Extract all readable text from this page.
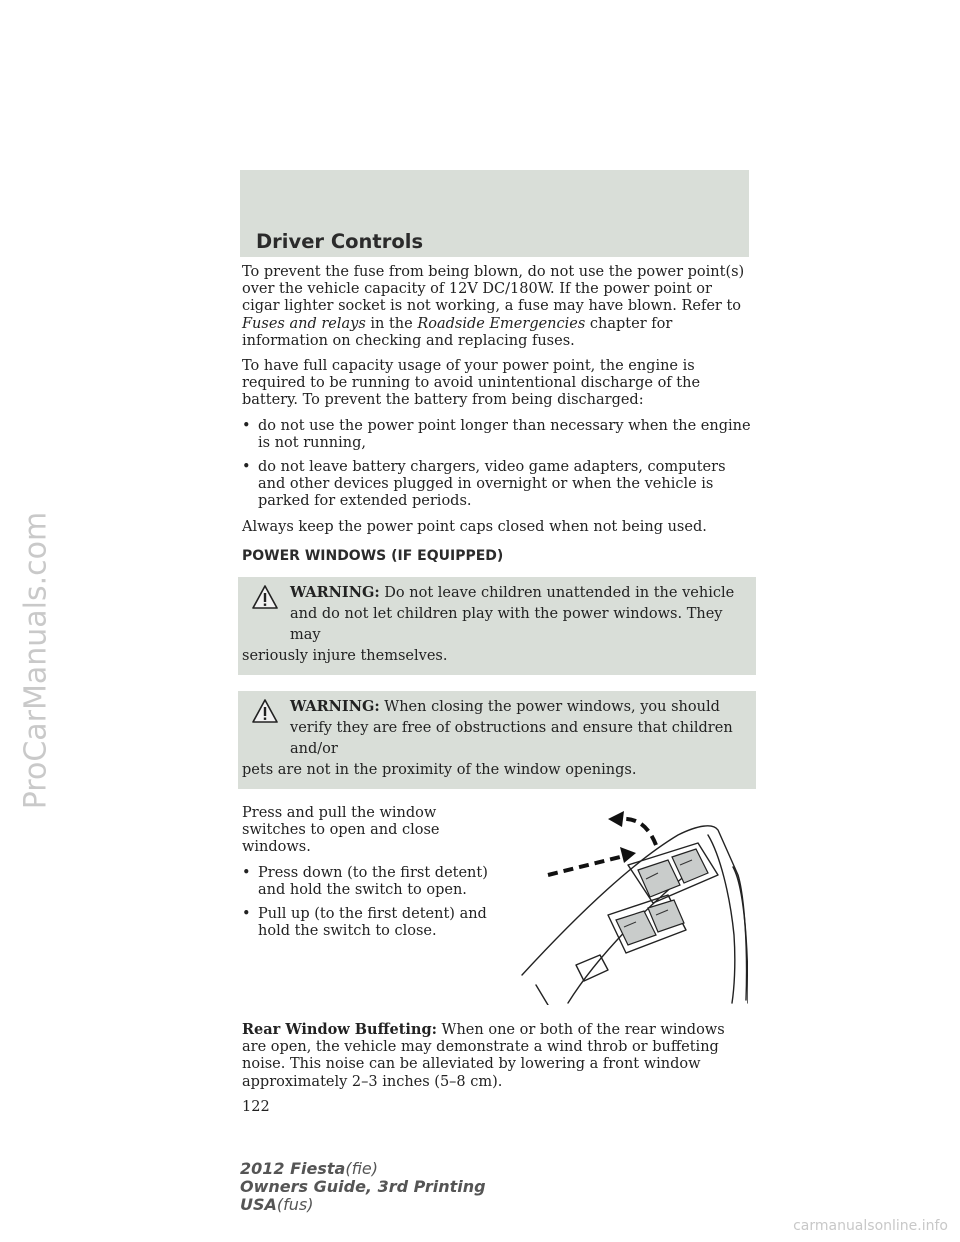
ProCarManuals.com
Driver Controls

To prevent the fuse from being blown, do not use the power point(s) over the vehicle capacity of 12V DC/180W. If the power point or cigar lighter socket is not working, a fuse may have blown. Refer to Fuses and relays in the Roadside Emergencies chapter for information on checking and replacing fuses.

To have full capacity usage of your power point, the engine is required to be running to avoid unintentional discharge of the battery. To prevent the battery from being discharged:

• do not use the power point longer than necessary when the engine is not running,
• do not leave battery chargers, video game adapters, computers and other devices plugged in overnight or when the vehicle is parked for extended periods.

Always keep the power point caps closed when not being used.

POWER WINDOWS (IF EQUIPPED)
WARNING: Do not leave children unattended in the vehicle and do not let children play with the power windows. They may
seriously injure themselves.
WARNING: When closing the power windows, you should verify they are free of obstructions and ensure that children and/or
pets are not in the proximity of the window openings.

Press and pull the window switches to open and close windows.

• Press down (to the first detent) and hold the switch to open.
• Pull up (to the first detent) and hold the switch to close.

Rear Window Buffeting: When one or both of the rear windows are open, the vehicle may demonstrate a wind throb or buffeting noise. This noise can be alleviated by lowering a front window approximately 2–3 inches (5–8 cm).

122

2012 Fiesta(fie)
Owners Guide, 3rd Printing
USA(fus)
carmanualsonline.info
